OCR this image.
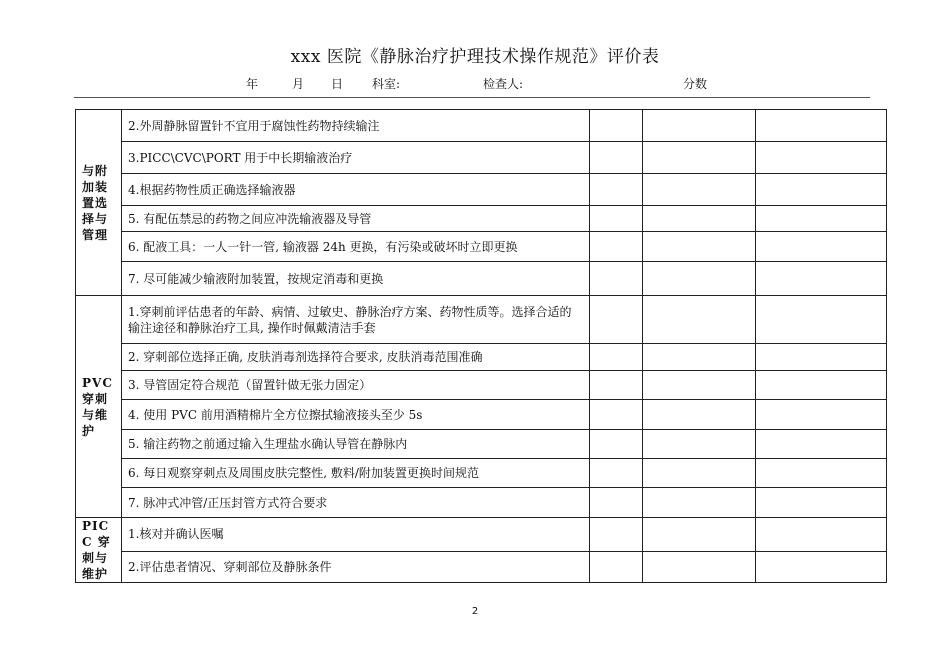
xxx 医院《静脉治疗护理技术操作规范》评价表
年	月 日 科室:	检查人:	分数
与附加装置选择与管理	2.外周静脉留置针不宜用于腐蚀性药物持续输注			
	3.PICC\CVC\PORT 用于中长期输液治疗			
	4.根据药物性质正确选择输液器			
	5. 有配伍禁忌的药物之间应冲洗输液器及导管			
	6. 配液工具：一人一针一管, 输液器 24h 更换，有污染或破坏时立即更换			
	7. 尽可能减少输液附加装置，按规定消毒和更换			

PVC 穿刺与维护	1.穿刺前评估患者的年龄、病情、过敏史、静脉治疗方案、药物性质等。选择合适的输注途径和静脉治疗工具, 操作时佩戴清洁手套			
	2. 穿刺部位选择正确, 皮肤消毒剂选择符合要求, 皮肤消毒范围准确			
	3. 导管固定符合规范（留置针做无张力固定）			
	4. 使用 PVC 前用酒精棉片全方位擦拭输液接头至少 5s			
	5. 输注药物之前通过输入生理盐水确认导管在静脉内			
	6. 每日观察穿刺点及周围皮肤完整性, 敷料/附加装置更换时间规范			
	7. 脉冲式冲管/正压封管方式符合要求			

PICC 穿刺与维护	1.核对并确认医嘱			
	2.评估患者情况、穿刺部位及静脉条件			
2
